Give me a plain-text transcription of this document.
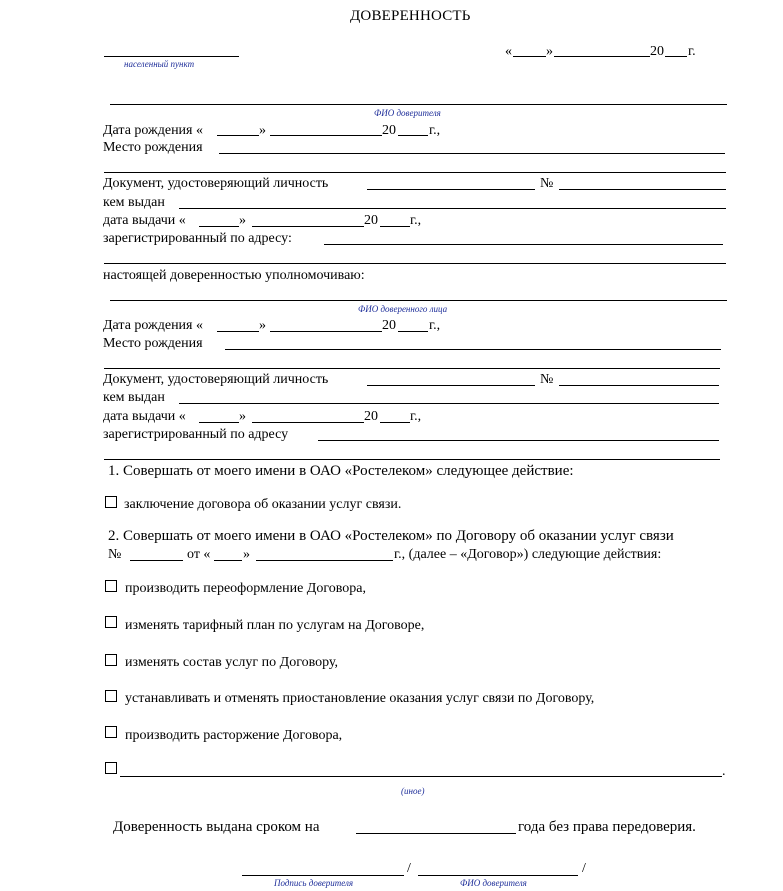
ДОВЕРЕННОСТЬ
населенный пункт
« »	20 г.
ФИО доверителя
Дата рождения «	»	20 г.,
Место рождения
Документ, удостоверяющий личность	№
кем выдан
дата выдачи «	»	20 г.,
зарегистрированный по адресу:
настоящей доверенностью уполномочиваю:
ФИО доверенного лица
Дата рождения «	»	20 г.,
Место рождения
Документ, удостоверяющий личность	№
кем выдан
дата выдачи «	»	20 г.,
зарегистрированный по адресу
1. Совершать от моего имени в ОАО «Ростелеком» следующее действие:
заключение договора об оказании услуг связи.
2. Совершать от моего имени в ОАО «Ростелеком» по Договору об оказании услуг связи
№	от « »	г., (далее – «Договор») следующие действия:
производить переоформление Договора,
изменять тарифный план по услугам на Договоре,
изменять состав услуг по Договору,
устанавливать и отменять приостановление оказания услуг связи по Договору,
производить расторжение Договора,
.
(иное)
Доверенность выдана сроком на	года без права передоверия.
/	/
Подпись доверителя	ФИО доверителя
